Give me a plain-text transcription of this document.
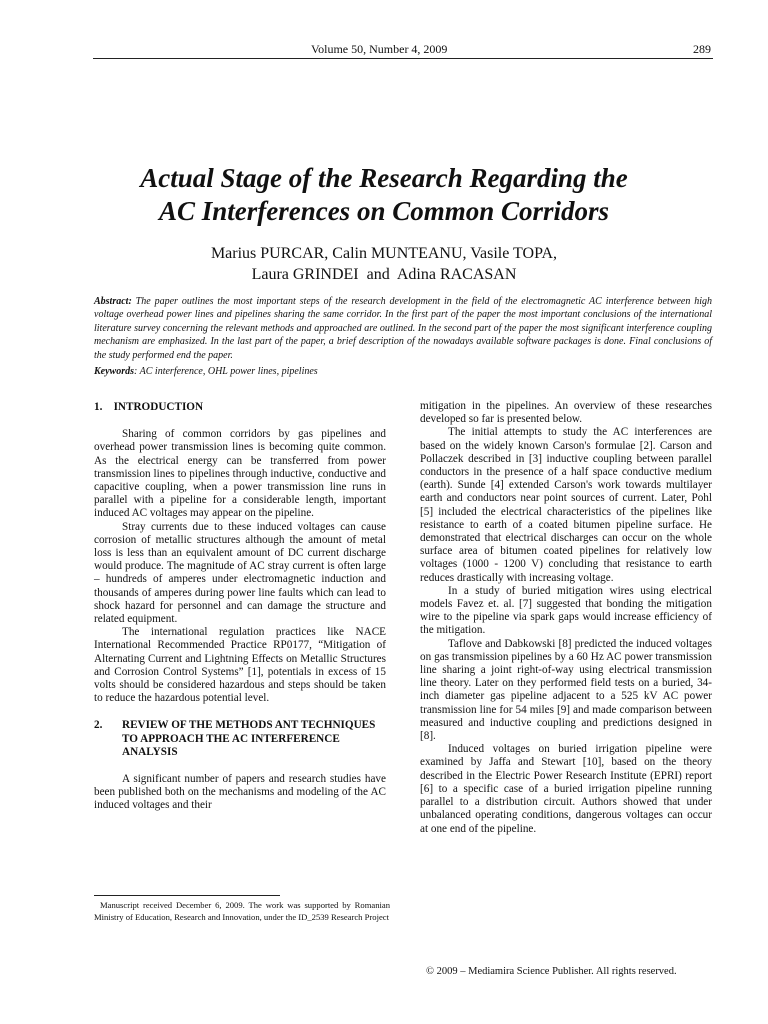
Volume 50, Number 4, 2009	289
Actual Stage of the Research Regarding the
AC Interferences on Common Corridors
Marius PURCAR, Calin MUNTEANU, Vasile TOPA,
Laura GRINDEI  and  Adina RACASAN
Abstract: The paper outlines the most important steps of the research development in the field of the electromagnetic AC interference between high voltage overhead power lines and pipelines sharing the same corridor. In the first part of the paper the most important conclusions of the international literature survey concerning the relevant methods and approached are outlined. In the second part of the paper the most significant interference coupling mechanism are emphasized. In the last part of the paper, a brief description of the nowadays available software packages is done. Final conclusions of the study performed end the paper.
Keywords: AC interference, OHL power lines, pipelines
1. INTRODUCTION

Sharing of common corridors by gas pipelines and overhead power transmission lines is becoming quite common. As the electrical energy can be transferred from power transmission lines to pipelines through inductive, conductive and capacitive coupling, when a power transmission line runs in parallel with a pipeline for a considerable length, important induced AC voltages may appear on the pipeline.

Stray currents due to these induced voltages can cause corrosion of metallic structures although the amount of metal loss is less than an equivalent amount of DC current discharge would produce. The magnitude of AC stray current is often large – hundreds of amperes under electromagnetic induction and thousands of amperes during power line faults which can lead to shock hazard for personnel and can damage the structure and related equipment.

The international regulation practices like NACE International Recommended Practice RP0177, “Mitigation of Alternating Current and Lightning Effects on Metallic Structures and Corrosion Control Systems” [1], potentials in excess of 15 volts should be considered hazardous and steps should be taken to reduce the hazardous potential level.

2.	REVIEW OF THE METHODS ANT TECHNIQUES TO APPROACH THE AC INTERFERENCE ANALYSIS

A significant number of papers and research studies have been published both on the mechanisms and modeling of the AC induced voltages and their

mitigation in the pipelines. An overview of these researches developed so far is presented below.

The initial attempts to study the AC interferences are based on the widely known Carson's formulae [2]. Carson and Pollaczek described in [3] inductive coupling between parallel conductors in the presence of a half space conductive medium (earth). Sunde [4] extended Carson's work towards multilayer earth and conductors near point sources of current. Later, Pohl [5] included the electrical characteristics of the pipelines like resistance to earth of a coated bitumen pipeline surface. He demonstrated that electrical discharges can occur on the whole surface area of bitumen coated pipelines for relatively low voltages (1000 - 1200 V) concluding that resistance to earth reduces drastically with increasing voltage.

In a study of buried mitigation wires using electrical models Favez et. al. [7] suggested that bonding the mitigation wire to the pipeline via spark gaps would increase efficiency of the mitigation.

Taflove and Dabkowski [8] predicted the induced voltages on gas transmission pipelines by a 60 Hz AC power transmission line sharing a joint right-of-way using electrical transmission line theory. Later on they performed field tests on a buried, 34-inch diameter gas pipeline adjacent to a 525 kV AC power transmission line for 54 miles [9] and made comparison between measured and inductive coupling and predictions designed in [8].

Induced voltages on buried irrigation pipeline were examined by Jaffa and Stewart [10], based on the theory described in the Electric Power Research Institute (EPRI) report [6] to a specific case of a buried irrigation pipeline running parallel to a distribution circuit. Authors showed that under unbalanced operating conditions, dangerous voltages can occur at one end of the pipeline.

Manuscript received December 6, 2009. The work was supported by Romanian Ministry of Education, Research and Innovation, under the ID_2539 Research Project

© 2009 – Mediamira Science Publisher. All rights reserved.
